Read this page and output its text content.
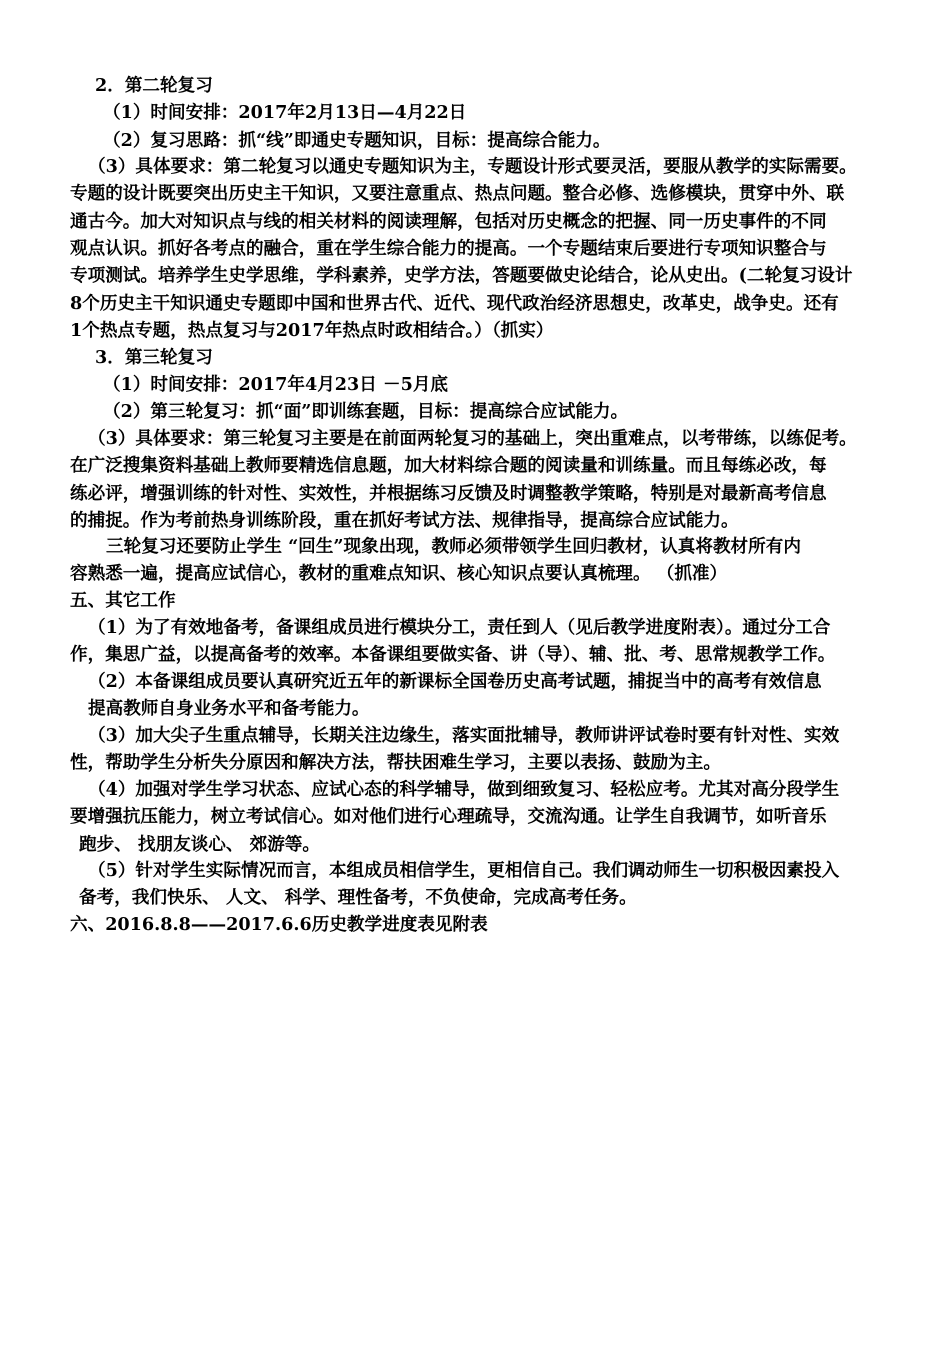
2．第二轮复习
（1）时间安排：2017年2月13日—4月22日
（2）复习思路：抓“线”即通史专题知识，目标：提高综合能力。
（3）具体要求：第二轮复习以通史专题知识为主，专题设计形式要灵活，要服从教学的实际需要。
专题的设计既要突出历史主干知识，又要注意重点、热点问题。整合必修、选修模块，贯穿中外、联
通古今。加大对知识点与线的相关材料的阅读理解，包括对历史概念的把握、同一历史事件的不同
观点认识。抓好各考点的融合，重在学生综合能力的提高。一个专题结束后要进行专项知识整合与
专项测试。培养学生史学思维，学科素养，史学方法，答题要做史论结合，论从史出。(二轮复习设计
8个历史主干知识通史专题即中国和世界古代、近代、现代政治经济思想史，改革史，战争史。还有
1个热点专题，热点复习与2017年热点时政相结合。）（抓实）
3．第三轮复习
（1）时间安排：2017年4月23日 －5月底
（2）第三轮复习：抓“面”即训练套题，目标：提高综合应试能力。
（3）具体要求：第三轮复习主要是在前面两轮复习的基础上，突出重难点，以考带练，以练促考。
在广泛搜集资料基础上教师要精选信息题，加大材料综合题的阅读量和训练量。而且每练必改，每
练必评，增强训练的针对性、实效性，并根据练习反馈及时调整教学策略，特别是对最新高考信息
的捕捉。作为考前热身训练阶段，重在抓好考试方法、规律指导，提高综合应试能力。
三轮复习还要防止学生 “回生”现象出现，教师必须带领学生回归教材，认真将教材所有内
容熟悉一遍，提高应试信心，教材的重难点知识、核心知识点要认真梳理。 （抓准）
五、其它工作
（1）为了有效地备考，备课组成员进行模块分工，责任到人（见后教学进度附表）。通过分工合
作，集思广益，以提高备考的效率。本备课组要做实备、讲（导）、辅、批、考、思常规教学工作。
（2）本备课组成员要认真研究近五年的新课标全国卷历史高考试题，捕捉当中的高考有效信息
提高教师自身业务水平和备考能力。
（3）加大尖子生重点辅导，长期关注边缘生，落实面批辅导，教师讲评试卷时要有针对性、实效
性，帮助学生分析失分原因和解决方法，帮扶困难生学习，主要以表扬、鼓励为主。
（4）加强对学生学习状态、应试心态的科学辅导，做到细致复习、轻松应考。尤其对高分段学生
要增强抗压能力，树立考试信心。如对他们进行心理疏导，交流沟通。让学生自我调节，如听音乐
跑步、 找朋友谈心、 郊游等。
（5）针对学生实际情况而言，本组成员相信学生，更相信自己。我们调动师生一切积极因素投入
备考，我们快乐、 人文、 科学、理性备考，不负使命，完成高考任务。
六、2016.8.8——2017.6.6历史教学进度表见附表
